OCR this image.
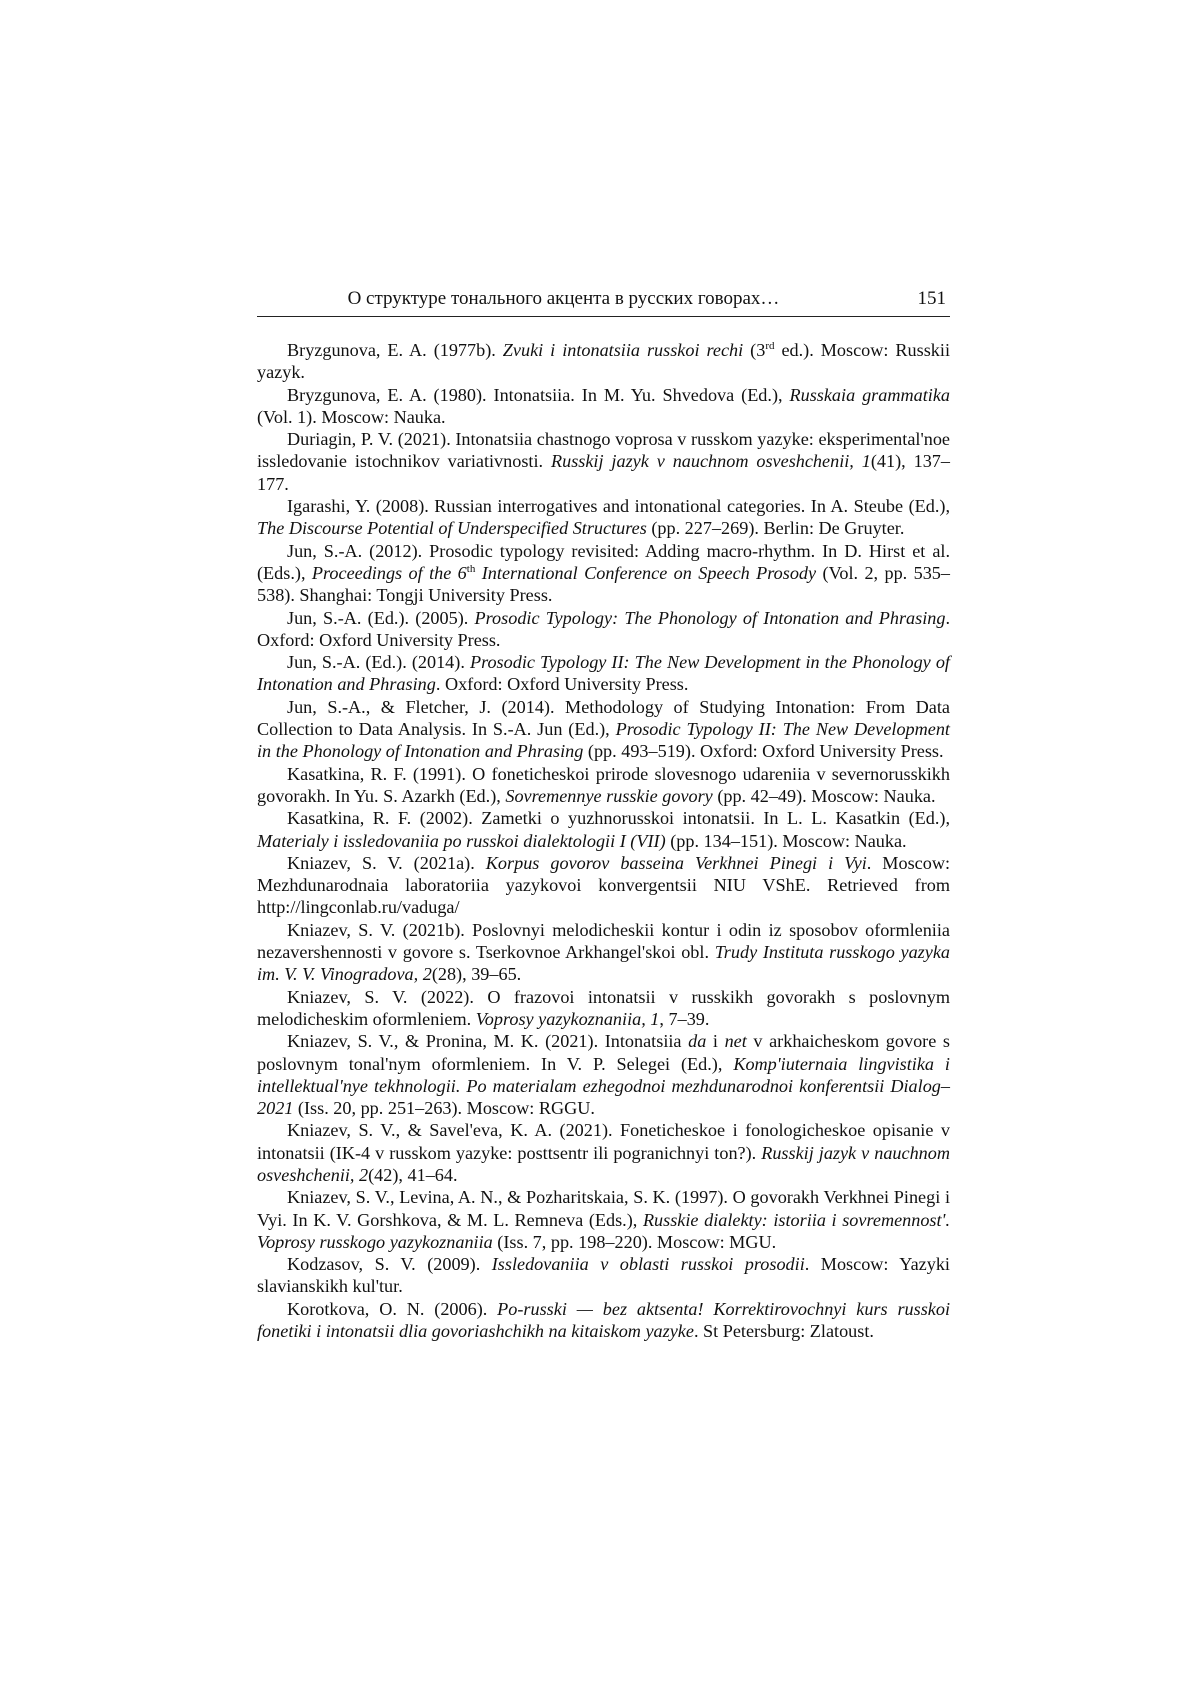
О структуре тонального акцента в русских говорах…	151

Bryzgunova, E. A. (1977b). Zvuki i intonatsiia russkoi rechi (3rd ed.). Moscow: Russkii yazyk.

Bryzgunova, E. A. (1980). Intonatsiia. In M. Yu. Shvedova (Ed.), Russkaia grammatika (Vol. 1). Moscow: Nauka.

Duriagin, P. V. (2021). Intonatsiia chastnogo voprosa v russkom yazyke: eksperimental'noe issledovanie istochnikov variativnosti. Russkij jazyk v nauchnom osveshchenii, 1(41), 137–177.

Igarashi, Y. (2008). Russian interrogatives and intonational categories. In A. Steube (Ed.), The Discourse Potential of Underspecified Structures (pp. 227–269). Berlin: De Gruyter.

Jun, S.-A. (2012). Prosodic typology revisited: Adding macro-rhythm. In D. Hirst et al. (Eds.), Proceedings of the 6th International Conference on Speech Prosody (Vol. 2, pp. 535–538). Shanghai: Tongji University Press.

Jun, S.-A. (Ed.). (2005). Prosodic Typology: The Phonology of Intonation and Phrasing. Oxford: Oxford University Press.

Jun, S.-A. (Ed.). (2014). Prosodic Typology II: The New Development in the Phonology of Intonation and Phrasing. Oxford: Oxford University Press.

Jun, S.-A., & Fletcher, J. (2014). Methodology of Studying Intonation: From Data Collection to Data Analysis. In S.-A. Jun (Ed.), Prosodic Typology II: The New Development in the Phonology of Intonation and Phrasing (pp. 493–519). Oxford: Oxford University Press.

Kasatkina, R. F. (1991). O foneticheskoi prirode slovesnogo udareniia v severnorusskikh govorakh. In Yu. S. Azarkh (Ed.), Sovremennye russkie govory (pp. 42–49). Moscow: Nauka.

Kasatkina, R. F. (2002). Zametki o yuzhnorusskoi intonatsii. In L. L. Kasatkin (Ed.), Materialy i issledovaniia po russkoi dialektologii I (VII) (pp. 134–151). Moscow: Nauka.

Kniazev, S. V. (2021a). Korpus govorov basseina Verkhnei Pinegi i Vyi. Moscow: Mezhdunarodnaia laboratoriia yazykovoi konvergentsii NIU VShE. Retrieved from http://lingconlab.ru/vaduga/

Kniazev, S. V. (2021b). Poslovnyi melodicheskii kontur i odin iz sposobov oformleniia nezavershennosti v govore s. Tserkovnoe Arkhangel'skoi obl. Trudy Instituta russkogo yazyka im. V. V. Vinogradova, 2(28), 39–65.

Kniazev, S. V. (2022). O frazovoi intonatsii v russkikh govorakh s poslovnym melodicheskim oformleniem. Voprosy yazykoznaniia, 1, 7–39.

Kniazev, S. V., & Pronina, M. K. (2021). Intonatsiia da i net v arkhaicheskom govore s poslovnym tonal'nym oformleniem. In V. P. Selegei (Ed.), Komp'iuternaia lingvistika i intellektual'nye tekhnologii. Po materialam ezhegodnoi mezhdunarodnoi konferentsii Dialog–2021 (Iss. 20, pp. 251–263). Moscow: RGGU.

Kniazev, S. V., & Savel'eva, K. A. (2021). Foneticheskoe i fonologicheskoe opisanie v intonatsii (IK-4 v russkom yazyke: posttsentr ili pogranichnyi ton?). Russkij jazyk v nauchnom osveshchenii, 2(42), 41–64.

Kniazev, S. V., Levina, A. N., & Pozharitskaia, S. K. (1997). O govorakh Verkhnei Pinegi i Vyi. In K. V. Gorshkova, & M. L. Remneva (Eds.), Russkie dialekty: istoriia i sovremennost'. Voprosy russkogo yazykoznaniia (Iss. 7, pp. 198–220). Moscow: MGU.

Kodzasov, S. V. (2009). Issledovaniia v oblasti russkoi prosodii. Moscow: Yazyki slavianskikh kul'tur.

Korotkova, O. N. (2006). Po-russki — bez aktsenta! Korrektirovochnyi kurs russkoi fonetiki i intonatsii dlia govoriashchikh na kitaiskom yazyke. St Petersburg: Zlatoust.
